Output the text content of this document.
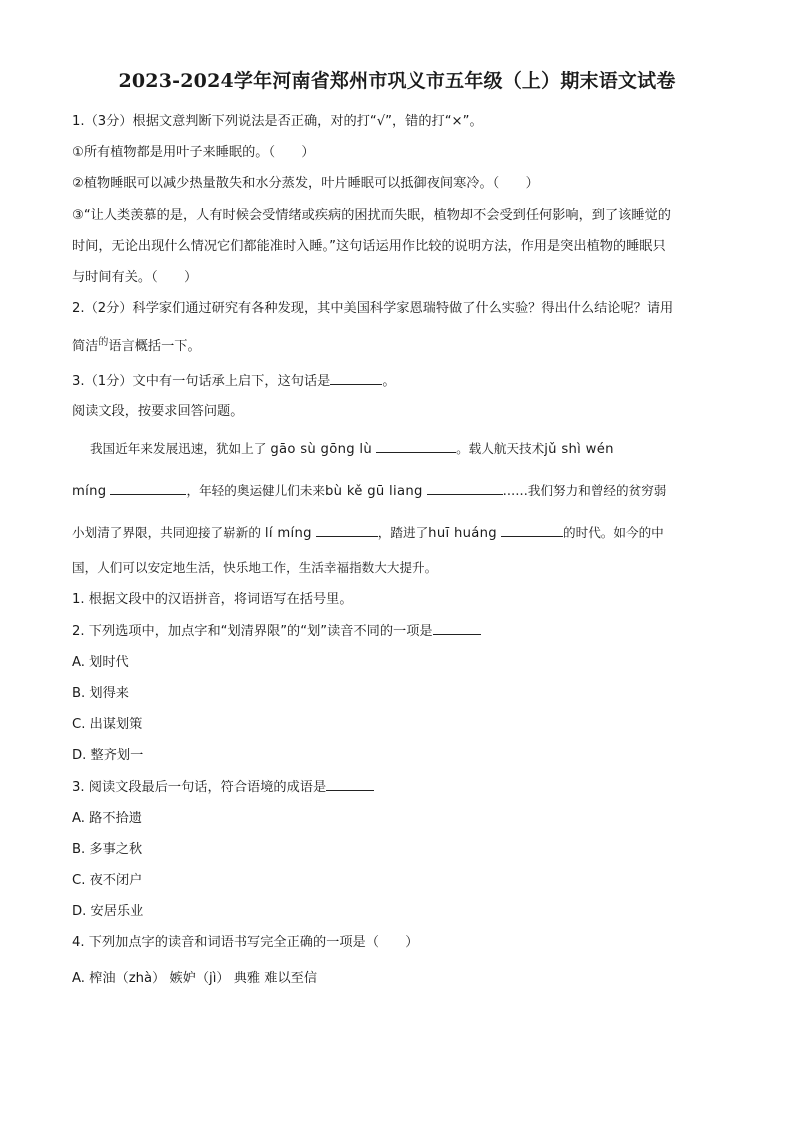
2023-2024学年河南省郑州市巩义市五年级（上）期末语文试卷
1.（3分）根据文意判断下列说法是否正确，对的打“√”，错的打“×”。
①所有植物都是用叶子来睡眠的。（　　）
②植物睡眠可以减少热量散失和水分蒸发，叶片睡眠可以抵御夜间寒冷。（　　）
③“让人类羡慕的是，人有时候会受情绪或疾病的困扰而失眠，植物却不会受到任何影响，到了该睡觉的
时间，无论出现什么情况它们都能准时入睡。”这句话运用作比较的说明方法，作用是突出植物的睡眠只
与时间有关。（　　）
2.（2分）科学家们通过研究有各种发现，其中美国科学家恩瑞特做了什么实验？得出什么结论呢？请用
简洁$^的$语言概括一下。
3.（1分）文中有一句话承上启下，这句话是	。
阅读文段，按要求回答问题。
我国近年来发展迅速，犹如上了 gāo sù gōng lù	。载人航天技术jǔ shì wén
míng	，年轻的奥运健儿们未来bù kě gū liang	……我们努力和曾经的贫穷弱
小划清了界限，共同迎接了崭新的 lí míng	，踏进了huī huáng	的时代。如今的中
国，人们可以安定地生活，快乐地工作，生活幸福指数大大提升。
1. 根据文段中的汉语拼音，将词语写在括号里。
2. 下列选项中，加点字和“划清界限”的“划”读音不同的一项是
A. 划时代
B. 划得来
C. 出谋划策
D. 整齐划一
3. 阅读文段最后一句话，符合语境的成语是
A. 路不拾遗
B. 多事之秋
C. 夜不闭户
D. 安居乐业
4. 下列加点字的读音和词语书写完全正确的一项是（　　）
A. 榨油（zhà） 嫉妒（jì） 典雅 难以至信
